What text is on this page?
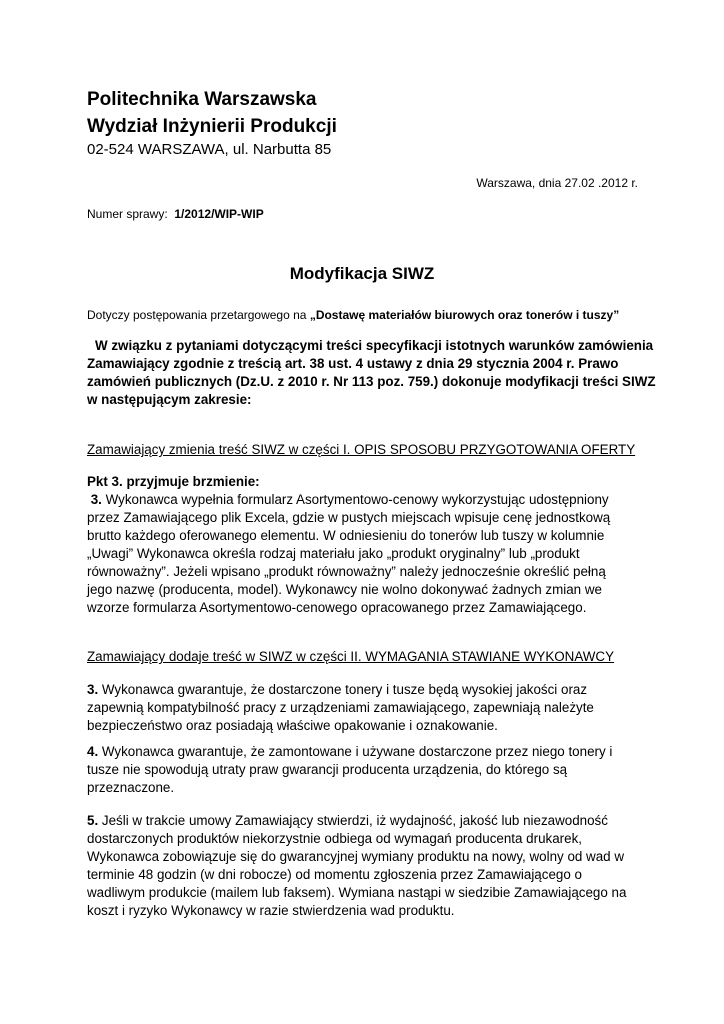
Politechnika Warszawska
Wydział Inżynierii Produkcji
02-524 WARSZAWA, ul. Narbutta 85
Warszawa, dnia 27.02 .2012 r.
Numer sprawy: 1/2012/WIP-WIP
Modyfikacja SIWZ
Dotyczy postępowania przetargowego na „Dostawę materiałów biurowych oraz tonerów i tuszy”
W związku z pytaniami dotyczącymi treści specyfikacji istotnych warunków zamówienia
Zamawiający zgodnie z treścią art. 38 ust. 4 ustawy z dnia 29 stycznia 2004 r. Prawo
zamówień publicznych (Dz.U. z 2010 r. Nr 113 poz. 759.) dokonuje modyfikacji treści SIWZ
w następującym zakresie:
Zamawiający zmienia treść SIWZ w części I. OPIS SPOSOBU PRZYGOTOWANIA OFERTY
Pkt 3. przyjmuje brzmienie:
3. Wykonawca wypełnia formularz Asortymentowo-cenowy wykorzystując udostępniony
przez Zamawiającego plik Excela, gdzie w pustych miejscach wpisuje cenę jednostkową
brutto każdego oferowanego elementu. W odniesieniu do tonerów lub tuszy w kolumnie
„Uwagi” Wykonawca określa rodzaj materiału jako „produkt oryginalny” lub „produkt
równoważny”. Jeżeli wpisano „produkt równoważny” należy jednocześnie określić pełną
jego nazwę (producenta, model). Wykonawcy nie wolno dokonywać żadnych zmian we
wzorze formularza Asortymentowo-cenowego opracowanego przez Zamawiającego.
Zamawiający dodaje treść w SIWZ w części II. WYMAGANIA STAWIANE WYKONAWCY
3. Wykonawca gwarantuje, że dostarczone tonery i tusze będą wysokiej jakości oraz
zapewnią kompatybilność pracy z urządzeniami zamawiającego, zapewniają należyte
bezpieczeństwo oraz posiadają właściwe opakowanie i oznakowanie.
4. Wykonawca gwarantuje, że zamontowane i używane dostarczone przez niego tonery i
tusze nie spowodują utraty praw gwarancji producenta urządzenia, do którego są
przeznaczone.
5. Jeśli w trakcie umowy Zamawiający stwierdzi, iż wydajność, jakość lub niezawodność
dostarczonych produktów niekorzystnie odbiega od wymagań producenta drukarek,
Wykonawca zobowiązuje się do gwarancyjnej wymiany produktu na nowy, wolny od wad w
terminie 48 godzin (w dni robocze) od momentu zgłoszenia przez Zamawiającego o
wadliwym produkcie (mailem lub faksem). Wymiana nastąpi w siedzibie Zamawiającego na
koszt i ryzyko Wykonawcy w razie stwierdzenia wad produktu.
